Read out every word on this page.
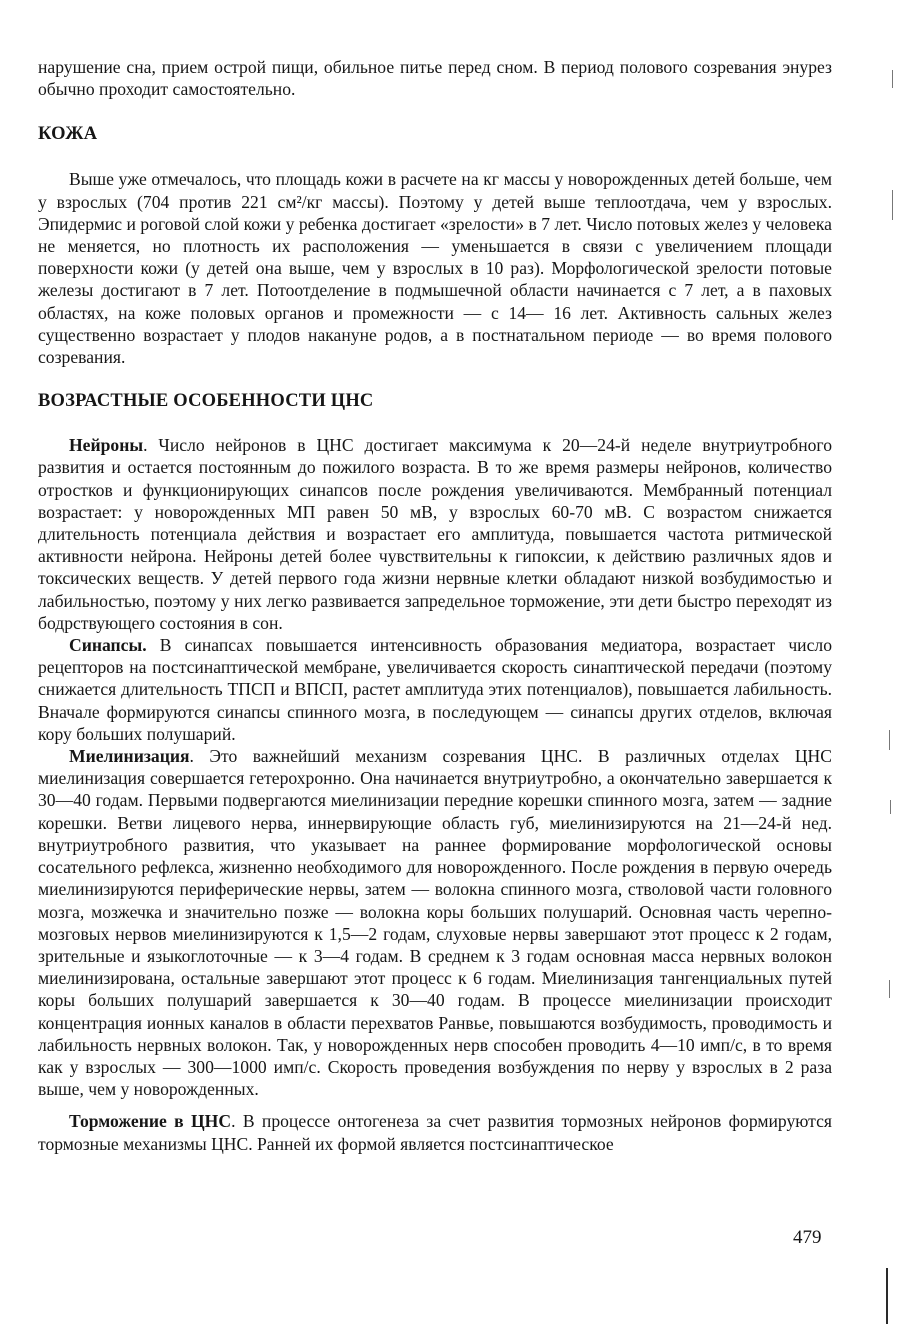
нарушение сна, прием острой пищи, обильное питье перед сном. В период полового созревания энурез обычно проходит самостоятельно.

КОЖА

Выше уже отмечалось, что площадь кожи в расчете на кг массы у новорожденных детей больше, чем у взрослых (704 против 221 см²/кг массы). Поэтому у детей выше теплоотдача, чем у взрослых. Эпидермис и роговой слой кожи у ребенка достигает «зрелости» в 7 лет. Число потовых желез у человека не меняется, но плотность их расположения — уменьшается в связи с увеличением площади поверхности кожи (у детей она выше, чем у взрослых в 10 раз). Морфологической зрелости потовые железы достигают в 7 лет. Потоотделение в подмышечной области начинается с 7 лет, а в паховых областях, на коже половых органов и промежности — с 14— 16 лет. Активность сальных желез существенно возрастает у плодов накануне родов, а в постнатальном периоде — во время полового созревания.

ВОЗРАСТНЫЕ ОСОБЕННОСТИ ЦНС

Нейроны. Число нейронов в ЦНС достигает максимума к 20—24-й неделе внутриутробного развития и остается постоянным до пожилого возраста. В то же время размеры нейронов, количество отростков и функционирующих синапсов после рождения увеличиваются. Мембранный потенциал возрастает: у новорожденных МП равен 50 мВ, у взрослых 60-70 мВ. С возрастом снижается длительность потенциала действия и возрастает его амплитуда, повышается частота ритмической активности нейрона. Нейроны детей более чувствительны к гипоксии, к действию различных ядов и токсических веществ. У детей первого года жизни нервные клетки обладают низкой возбудимостью и лабильностью, поэтому у них легко развивается запредельное торможение, эти дети быстро переходят из бодрствующего состояния в сон.

Синапсы. В синапсах повышается интенсивность образования медиатора, возрастает число рецепторов на постсинаптической мембране, увеличивается скорость синаптической передачи (поэтому снижается длительность ТПСП и ВПСП, растет амплитуда этих потенциалов), повышается лабильность. Вначале формируются синапсы спинного мозга, в последующем — синапсы других отделов, включая кору больших полушарий.

Миелинизация. Это важнейший механизм созревания ЦНС. В различных отделах ЦНС миелинизация совершается гетерохронно. Она начинается внутриутробно, а окончательно завершается к 30—40 годам. Первыми подвергаются миелинизации передние корешки спинного мозга, затем — задние корешки. Ветви лицевого нерва, иннервирующие область губ, миелинизируются на 21—24-й нед. внутриутробного развития, что указывает на раннее формирование морфологической основы сосательного рефлекса, жизненно необходимого для новорожденного. После рождения в первую очередь миелинизируются периферические нервы, затем — волокна спинного мозга, стволовой части головного мозга, мозжечка и значительно позже — волокна коры больших полушарий. Основная часть черепно-мозговых нервов миелинизируются к 1,5—2 годам, слуховые нервы завершают этот процесс к 2 годам, зрительные и языкоглоточные — к 3—4 годам. В среднем к 3 годам основная масса нервных волокон миелинизирована, остальные завершают этот процесс к 6 годам. Миелинизация тангенциальных путей коры больших полушарий завершается к 30—40 годам. В процессе миелинизации происходит концентрация ионных каналов в области перехватов Ранвье, повышаются возбудимость, проводимость и лабильность нервных волокон. Так, у новорожденных нерв способен проводить 4—10 имп/с, в то время как у взрослых — 300—1000 имп/с. Скорость проведения возбуждения по нерву у взрослых в 2 раза выше, чем у новорожденных.

Торможение в ЦНС. В процессе онтогенеза за счет развития тормозных нейронов формируются тормозные механизмы ЦНС. Ранней их формой является постсинаптическое

479
